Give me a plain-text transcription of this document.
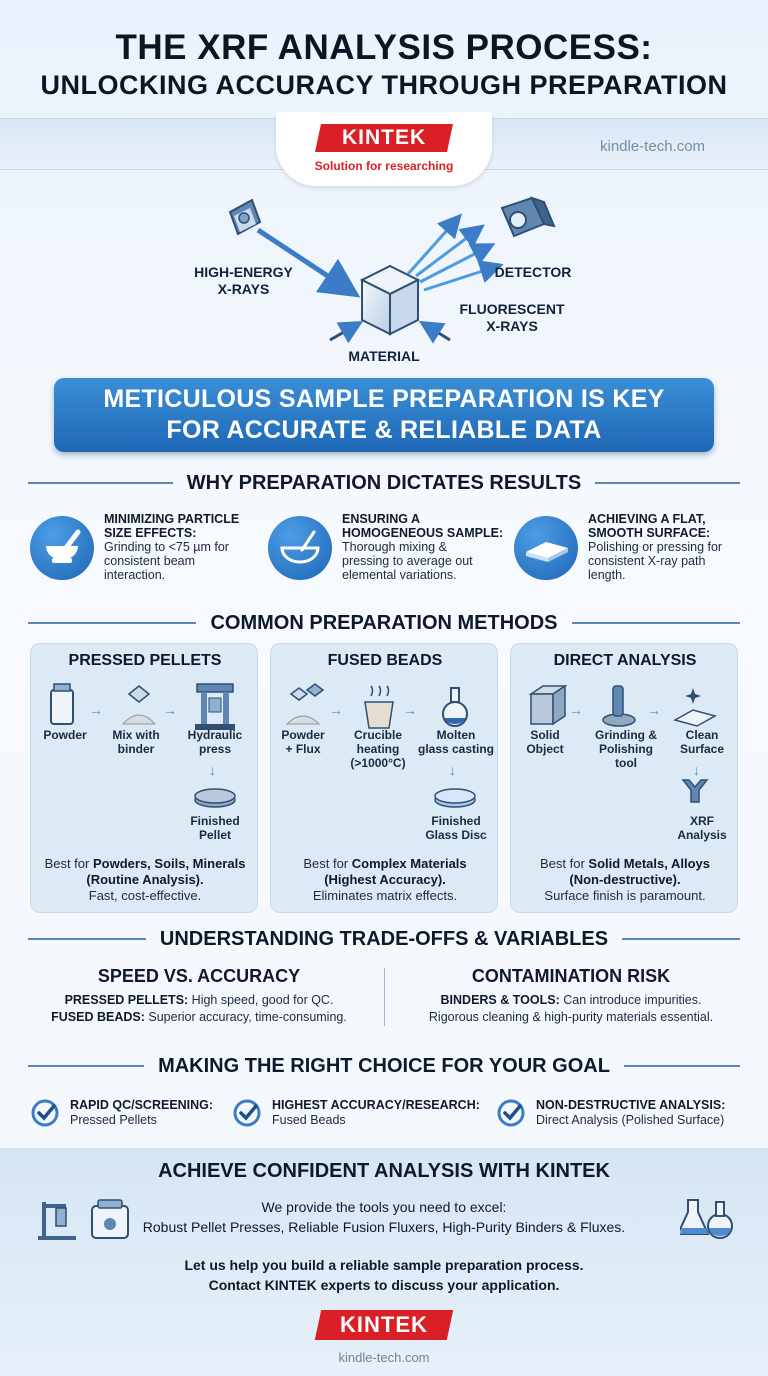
THE XRF ANALYSIS PROCESS:
UNLOCKING ACCURACY THROUGH PREPARATION
KINTEK
Solution for researching
kindle-tech.com
HIGH-ENERGY
X-RAYS
DETECTOR
FLUORESCENT
X-RAYS
MATERIAL
METICULOUS SAMPLE PREPARATION IS KEY
FOR ACCURATE & RELIABLE DATA
WHY PREPARATION DICTATES RESULTS
MINIMIZING PARTICLE
SIZE EFFECTS:
Grinding to <75 µm for
consistent beam
interaction.
ENSURING A
HOMOGENEOUS SAMPLE:
Thorough mixing &
pressing to average out
elemental variations.
ACHIEVING A FLAT,
SMOOTH SURFACE:
Polishing or pressing for
consistent X-ray path
length.
COMMON PREPARATION METHODS
PRESSED PELLETS
→	→
↓
Powder	Mix with
binder
Hydraulic
press
Finished
Pellet
Best for Powders, Soils, Minerals
(Routine Analysis).
Fast, cost-effective.
FUSED BEADS
→	→
↓
Powder
+ Flux
Crucible
heating
(>1000°C)
Molten
glass casting
Finished
Glass Disc
Best for Complex Materials
(Highest Accuracy).
Eliminates matrix effects.
DIRECT ANALYSIS
→	→
↓
Solid
Object
Grinding &
Polishing
tool
Clean
Surface
XRF
Analysis
Best for Solid Metals, Alloys
(Non-destructive).
Surface finish is paramount.
UNDERSTANDING TRADE-OFFS & VARIABLES
SPEED VS. ACCURACY
PRESSED PELLETS: High speed, good for QC.
FUSED BEADS: Superior accuracy, time-consuming.
CONTAMINATION RISK
BINDERS & TOOLS: Can introduce impurities.
Rigorous cleaning & high-purity materials essential.
MAKING THE RIGHT CHOICE FOR YOUR GOAL
RAPID QC/SCREENING:
Pressed Pellets
HIGHEST ACCURACY/RESEARCH:
Fused Beads
NON-DESTRUCTIVE ANALYSIS:
Direct Analysis (Polished Surface)
ACHIEVE CONFIDENT ANALYSIS WITH KINTEK
We provide the tools you need to excel:
Robust Pellet Presses, Reliable Fusion Fluxers, High-Purity Binders & Fluxes.
Let us help you build a reliable sample preparation process.
Contact KINTEK experts to discuss your application.
KINTEK
kindle-tech.com
